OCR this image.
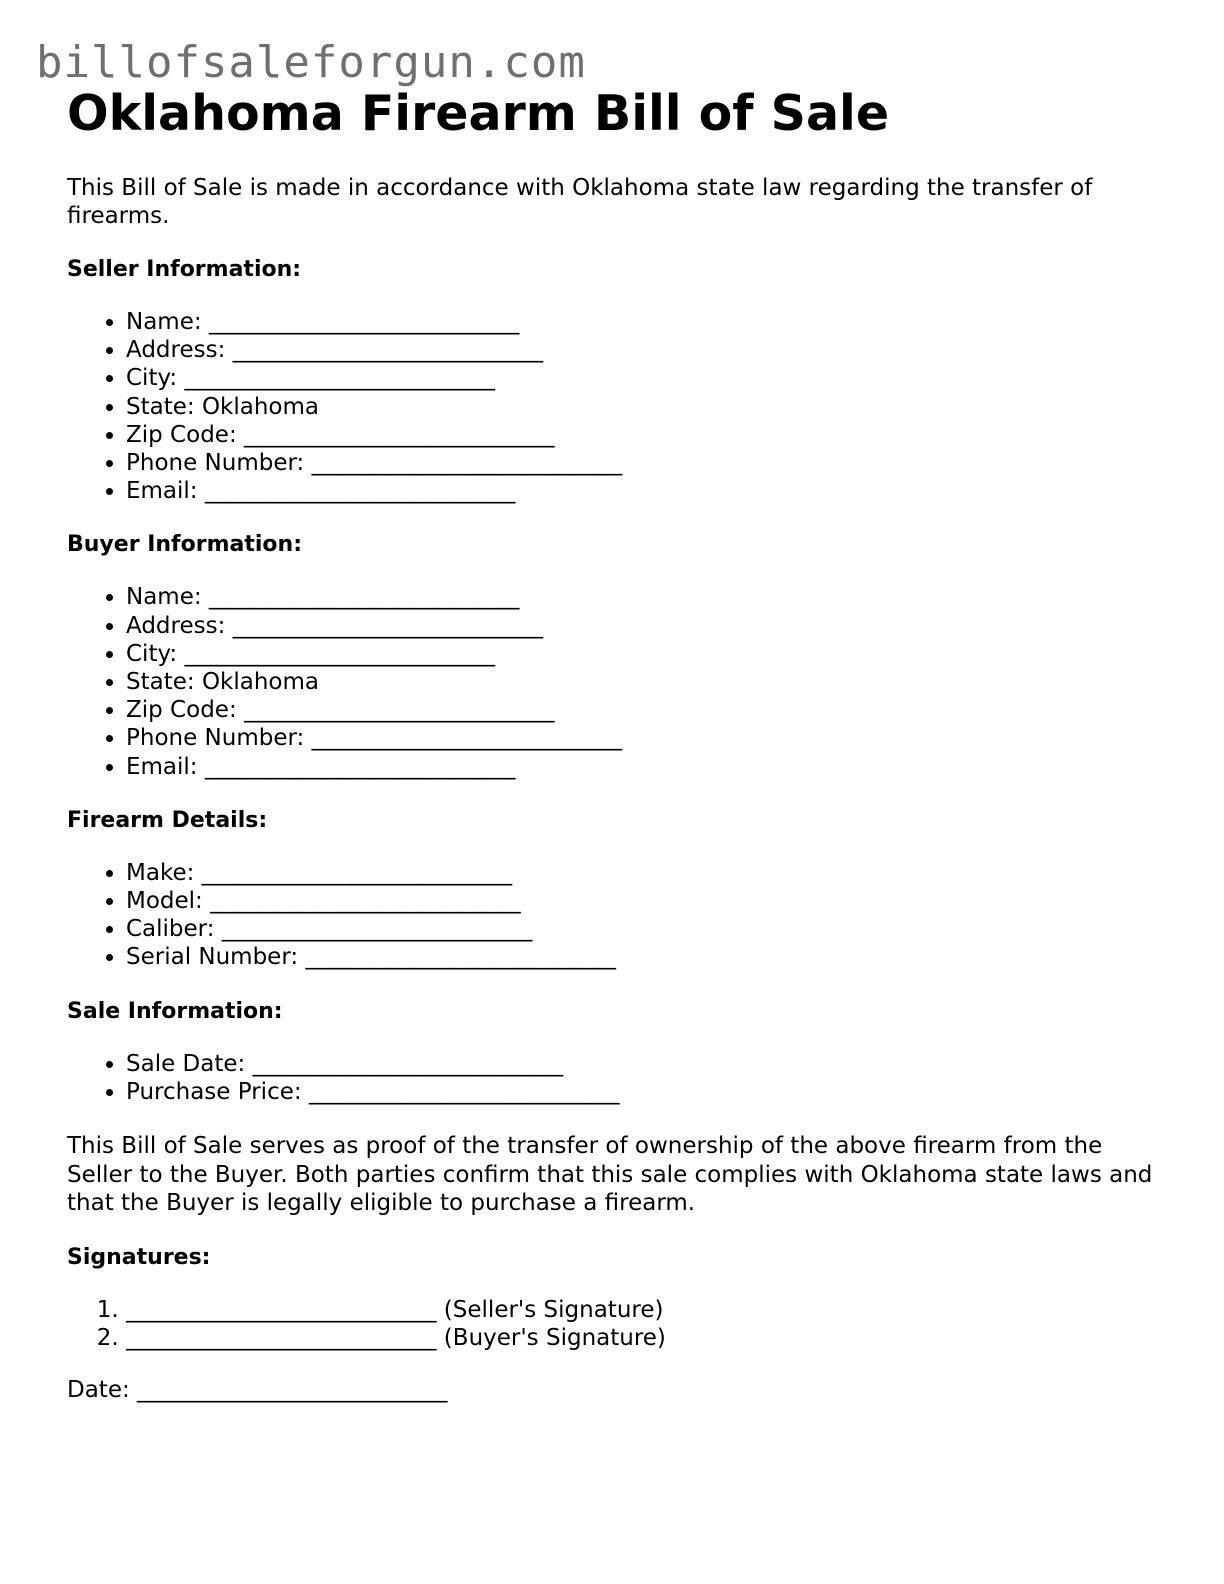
billofsaleforgun.com
Oklahoma Firearm Bill of Sale

This Bill of Sale is made in accordance with Oklahoma state law regarding the transfer of firearms.

Seller Information:
• Name: ___________________________
• Address: ___________________________
• City: ___________________________
• State: Oklahoma
• Zip Code: ___________________________
• Phone Number: ___________________________
• Email: ___________________________
Buyer Information:
• Name: ___________________________
• Address: ___________________________
• City: ___________________________
• State: Oklahoma
• Zip Code: ___________________________
• Phone Number: ___________________________
• Email: ___________________________
Firearm Details:
• Make: ___________________________
• Model: ___________________________
• Caliber: ___________________________
• Serial Number: ___________________________
Sale Information:
• Sale Date: ___________________________
• Purchase Price: ___________________________

This Bill of Sale serves as proof of the transfer of ownership of the above firearm from the Seller to the Buyer. Both parties confirm that this sale complies with Oklahoma state laws and that the Buyer is legally eligible to purchase a firearm.

Signatures:
1. ___________________________ (Seller's Signature)
2. ___________________________ (Buyer's Signature)

Date: ___________________________
